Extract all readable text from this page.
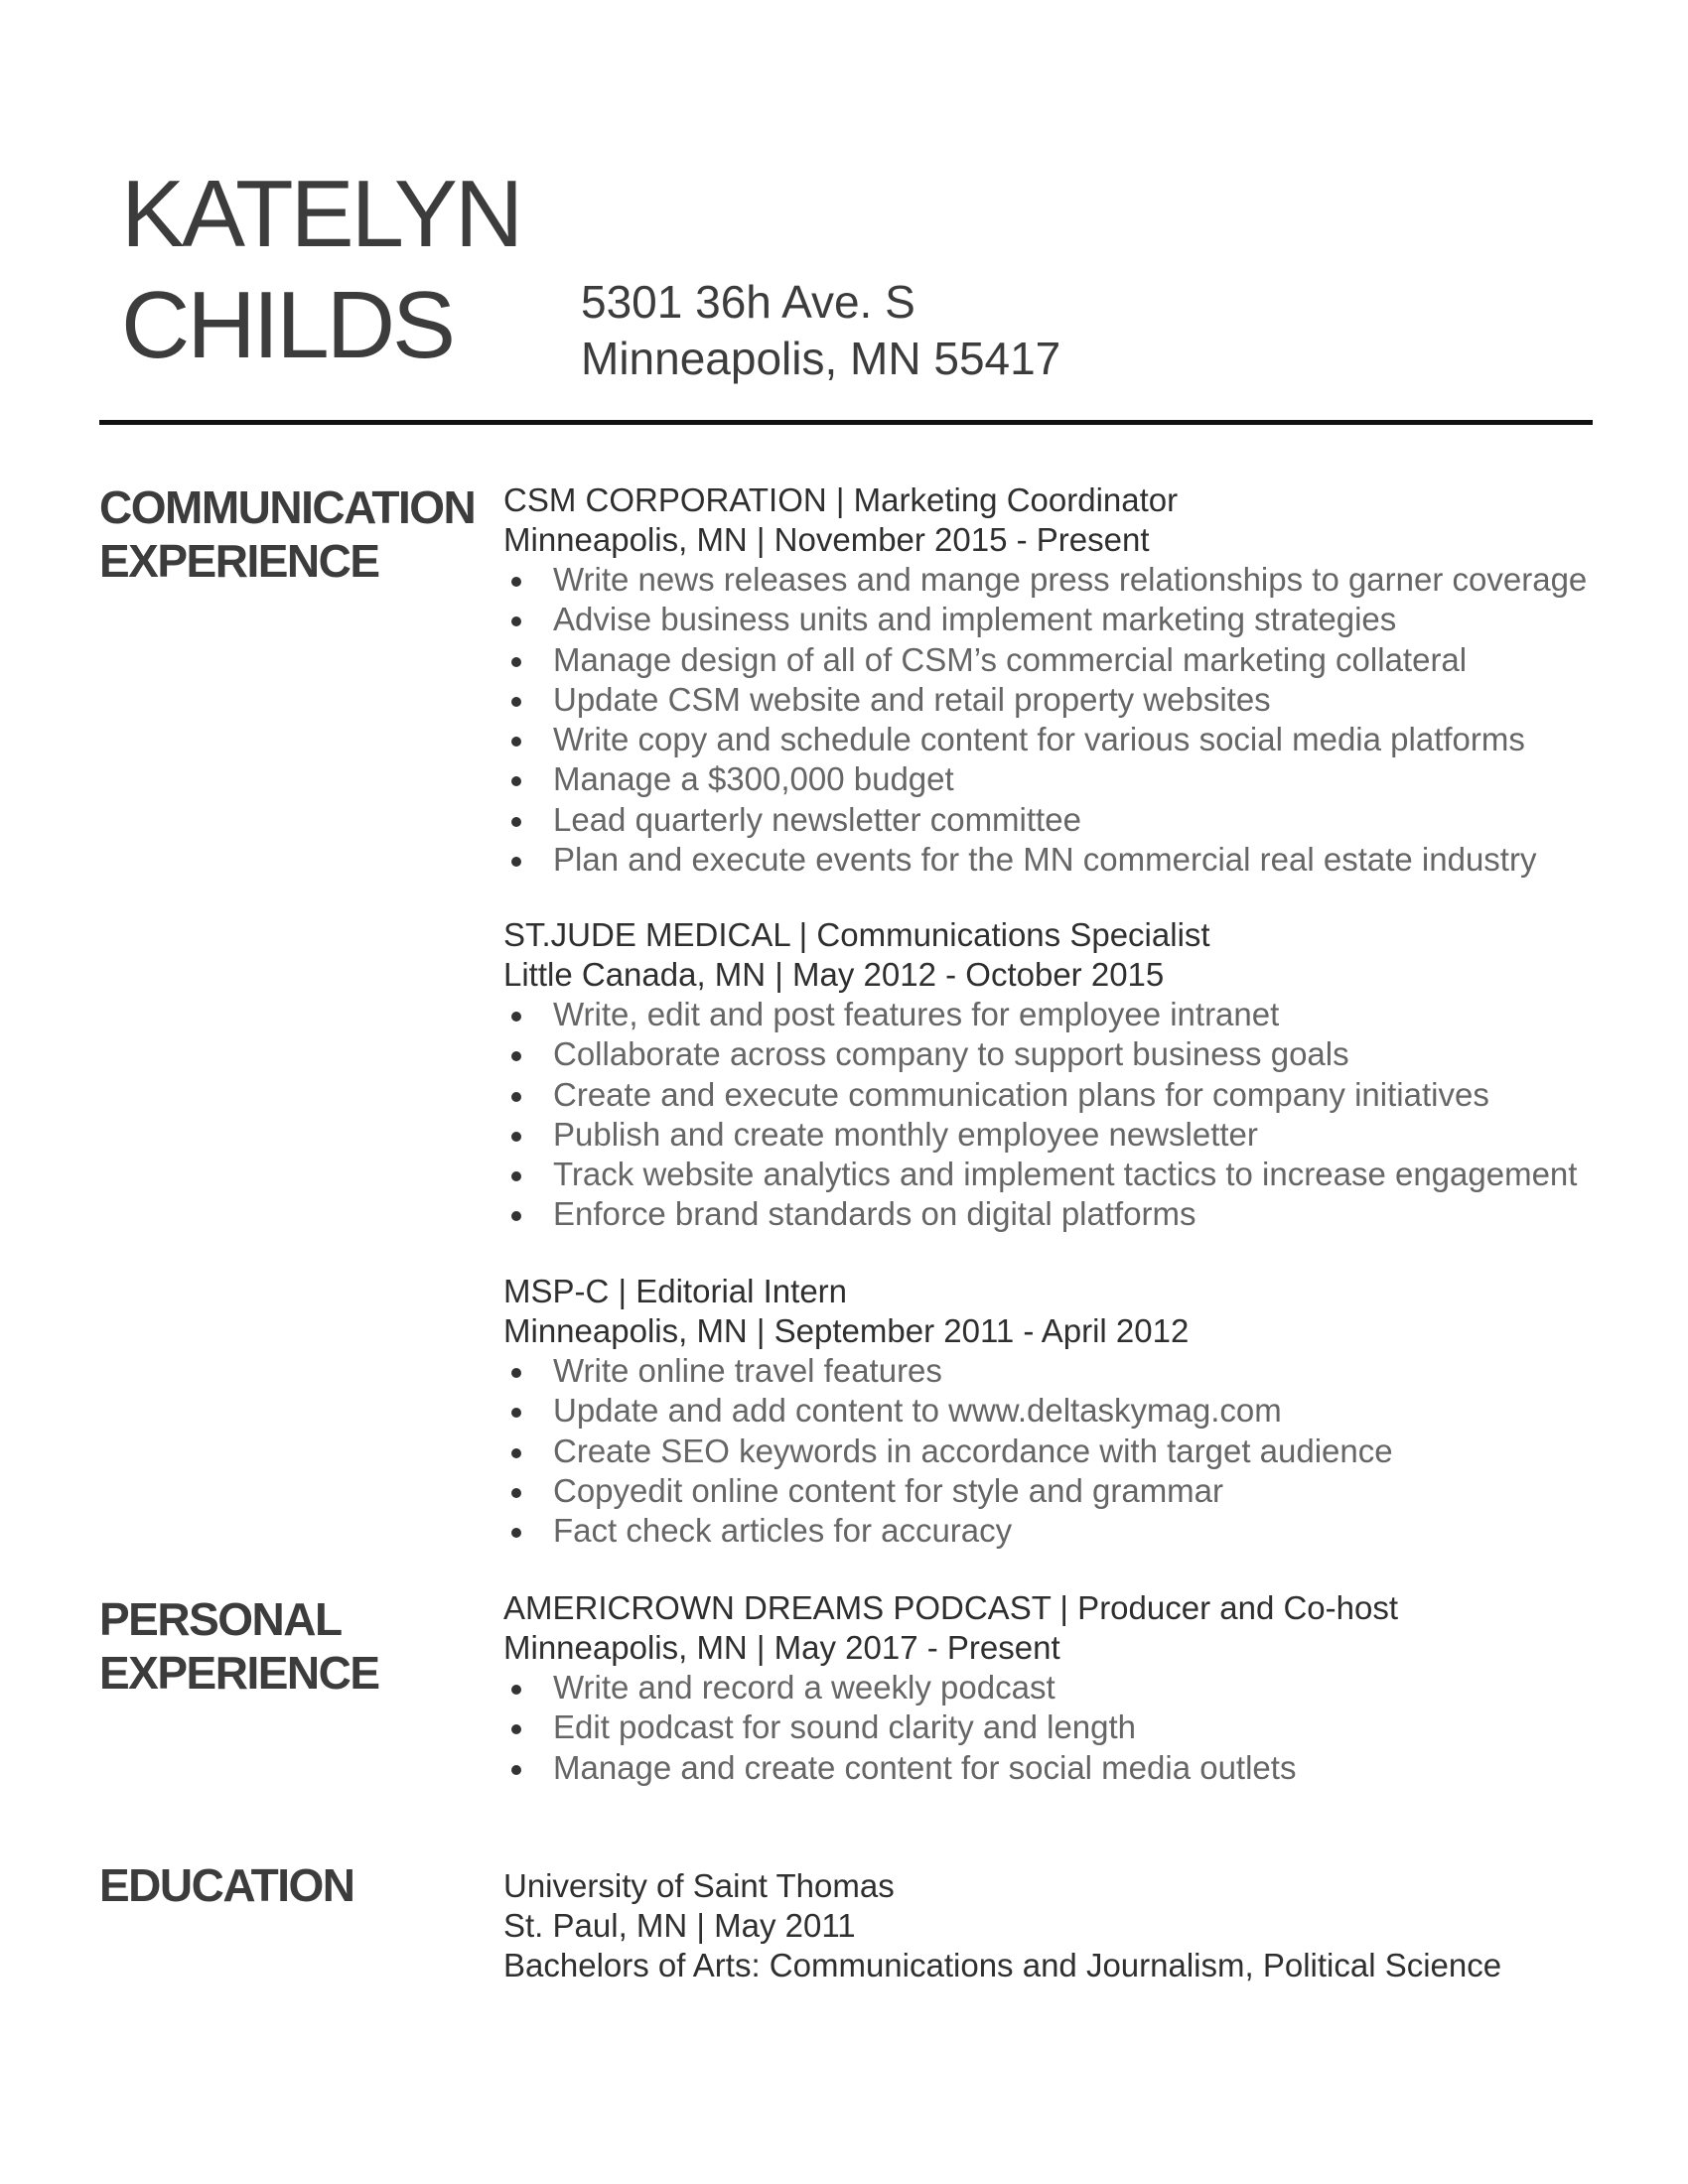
KATELYN
CHILDS	5301 36h Ave. S
Minneapolis, MN 55417

COMMUNICATION
EXPERIENCE
CSM CORPORATION | Marketing Coordinator
Minneapolis, MN | November 2015 - Present
Write news releases and mange press relationships to garner coverage
Advise business units and implement marketing strategies
Manage design of all of CSM’s commercial marketing collateral
Update CSM website and retail property websites
Write copy and schedule content for various social media platforms
Manage a $300,000 budget
Lead quarterly newsletter committee
Plan and execute events for the MN commercial real estate industry
ST.JUDE MEDICAL | Communications Specialist
Little Canada, MN | May 2012 - October 2015
Write, edit and post features for employee intranet
Collaborate across company to support business goals
Create and execute communication plans for company initiatives
Publish and create monthly employee newsletter
Track website analytics and implement tactics to increase engagement
Enforce brand standards on digital platforms
MSP-C | Editorial Intern
Minneapolis, MN | September 2011 - April 2012
Write online travel features
Update and add content to www.deltaskymag.com
Create SEO keywords in accordance with target audience
Copyedit online content for style and grammar
Fact check articles for accuracy
PERSONAL
EXPERIENCE
AMERICROWN DREAMS PODCAST | Producer and Co-host
Minneapolis, MN | May 2017 - Present
Write and record a weekly podcast
Edit podcast for sound clarity and length
Manage and create content for social media outlets
EDUCATION	University of Saint Thomas
St. Paul, MN | May 2011
Bachelors of Arts: Communications and Journalism, Political Science
